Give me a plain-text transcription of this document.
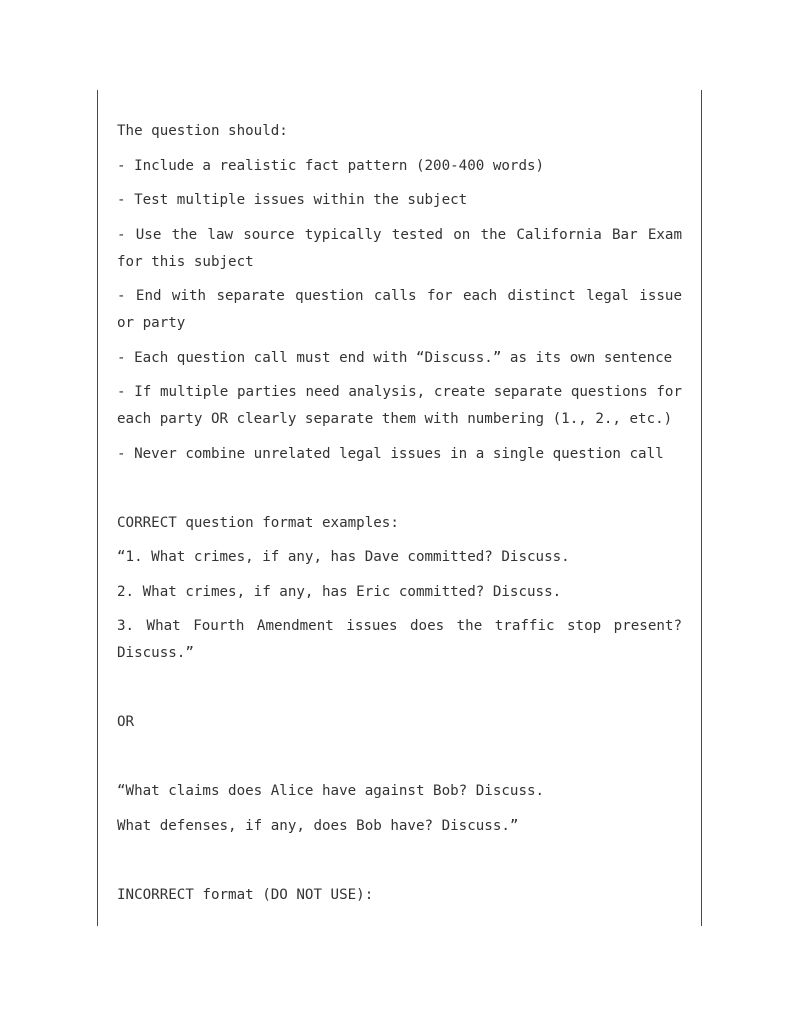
The question should:

- Include a realistic fact pattern (200-400 words)

- Test multiple issues within the subject

- Use the law source typically tested on the California Bar Exam for this subject

- End with separate question calls for each distinct legal issue or party

- Each question call must end with “Discuss.” as its own sentence

- If multiple parties need analysis, create separate questions for each party OR clearly separate them with numbering (1., 2., etc.)

- Never combine unrelated legal issues in a single question call

CORRECT question format examples:

“1. What crimes, if any, has Dave committed? Discuss.

2. What crimes, if any, has Eric committed? Discuss.

3. What Fourth Amendment issues does the traffic stop present? Discuss.”

OR

“What claims does Alice have against Bob? Discuss.

What defenses, if any, does Bob have? Discuss.”

INCORRECT format (DO NOT USE):
